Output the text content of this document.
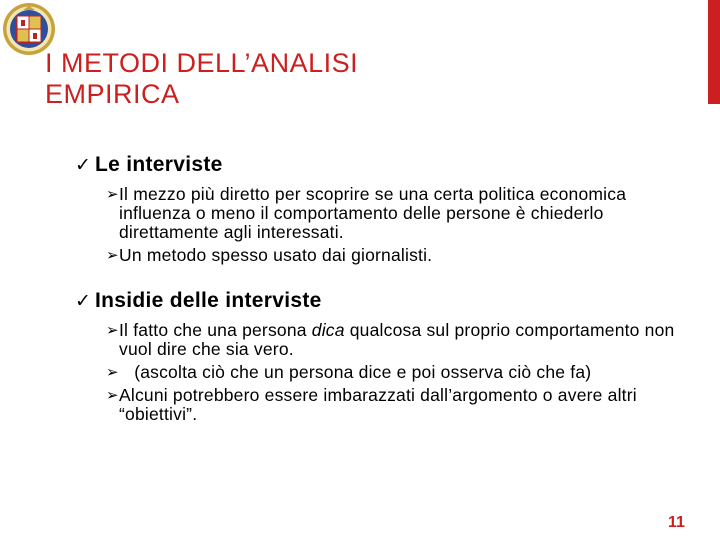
I METODI DELL’ANALISI
EMPIRICA
✓ Le interviste
➢ Il mezzo più diretto per scoprire se una certa politica economica influenza o meno il comportamento delle persone è chiederlo direttamente agli interessati.
➢ Un metodo spesso usato dai giornalisti.
✓ Insidie delle interviste
➢ Il fatto che una persona dica qualcosa sul proprio comportamento non vuol dire che sia vero.
➢ (ascolta ciò che un persona dice e poi osserva ciò che fa)
➢ Alcuni potrebbero essere imbarazzati dall’argomento o avere altri “obiettivi”.
11
